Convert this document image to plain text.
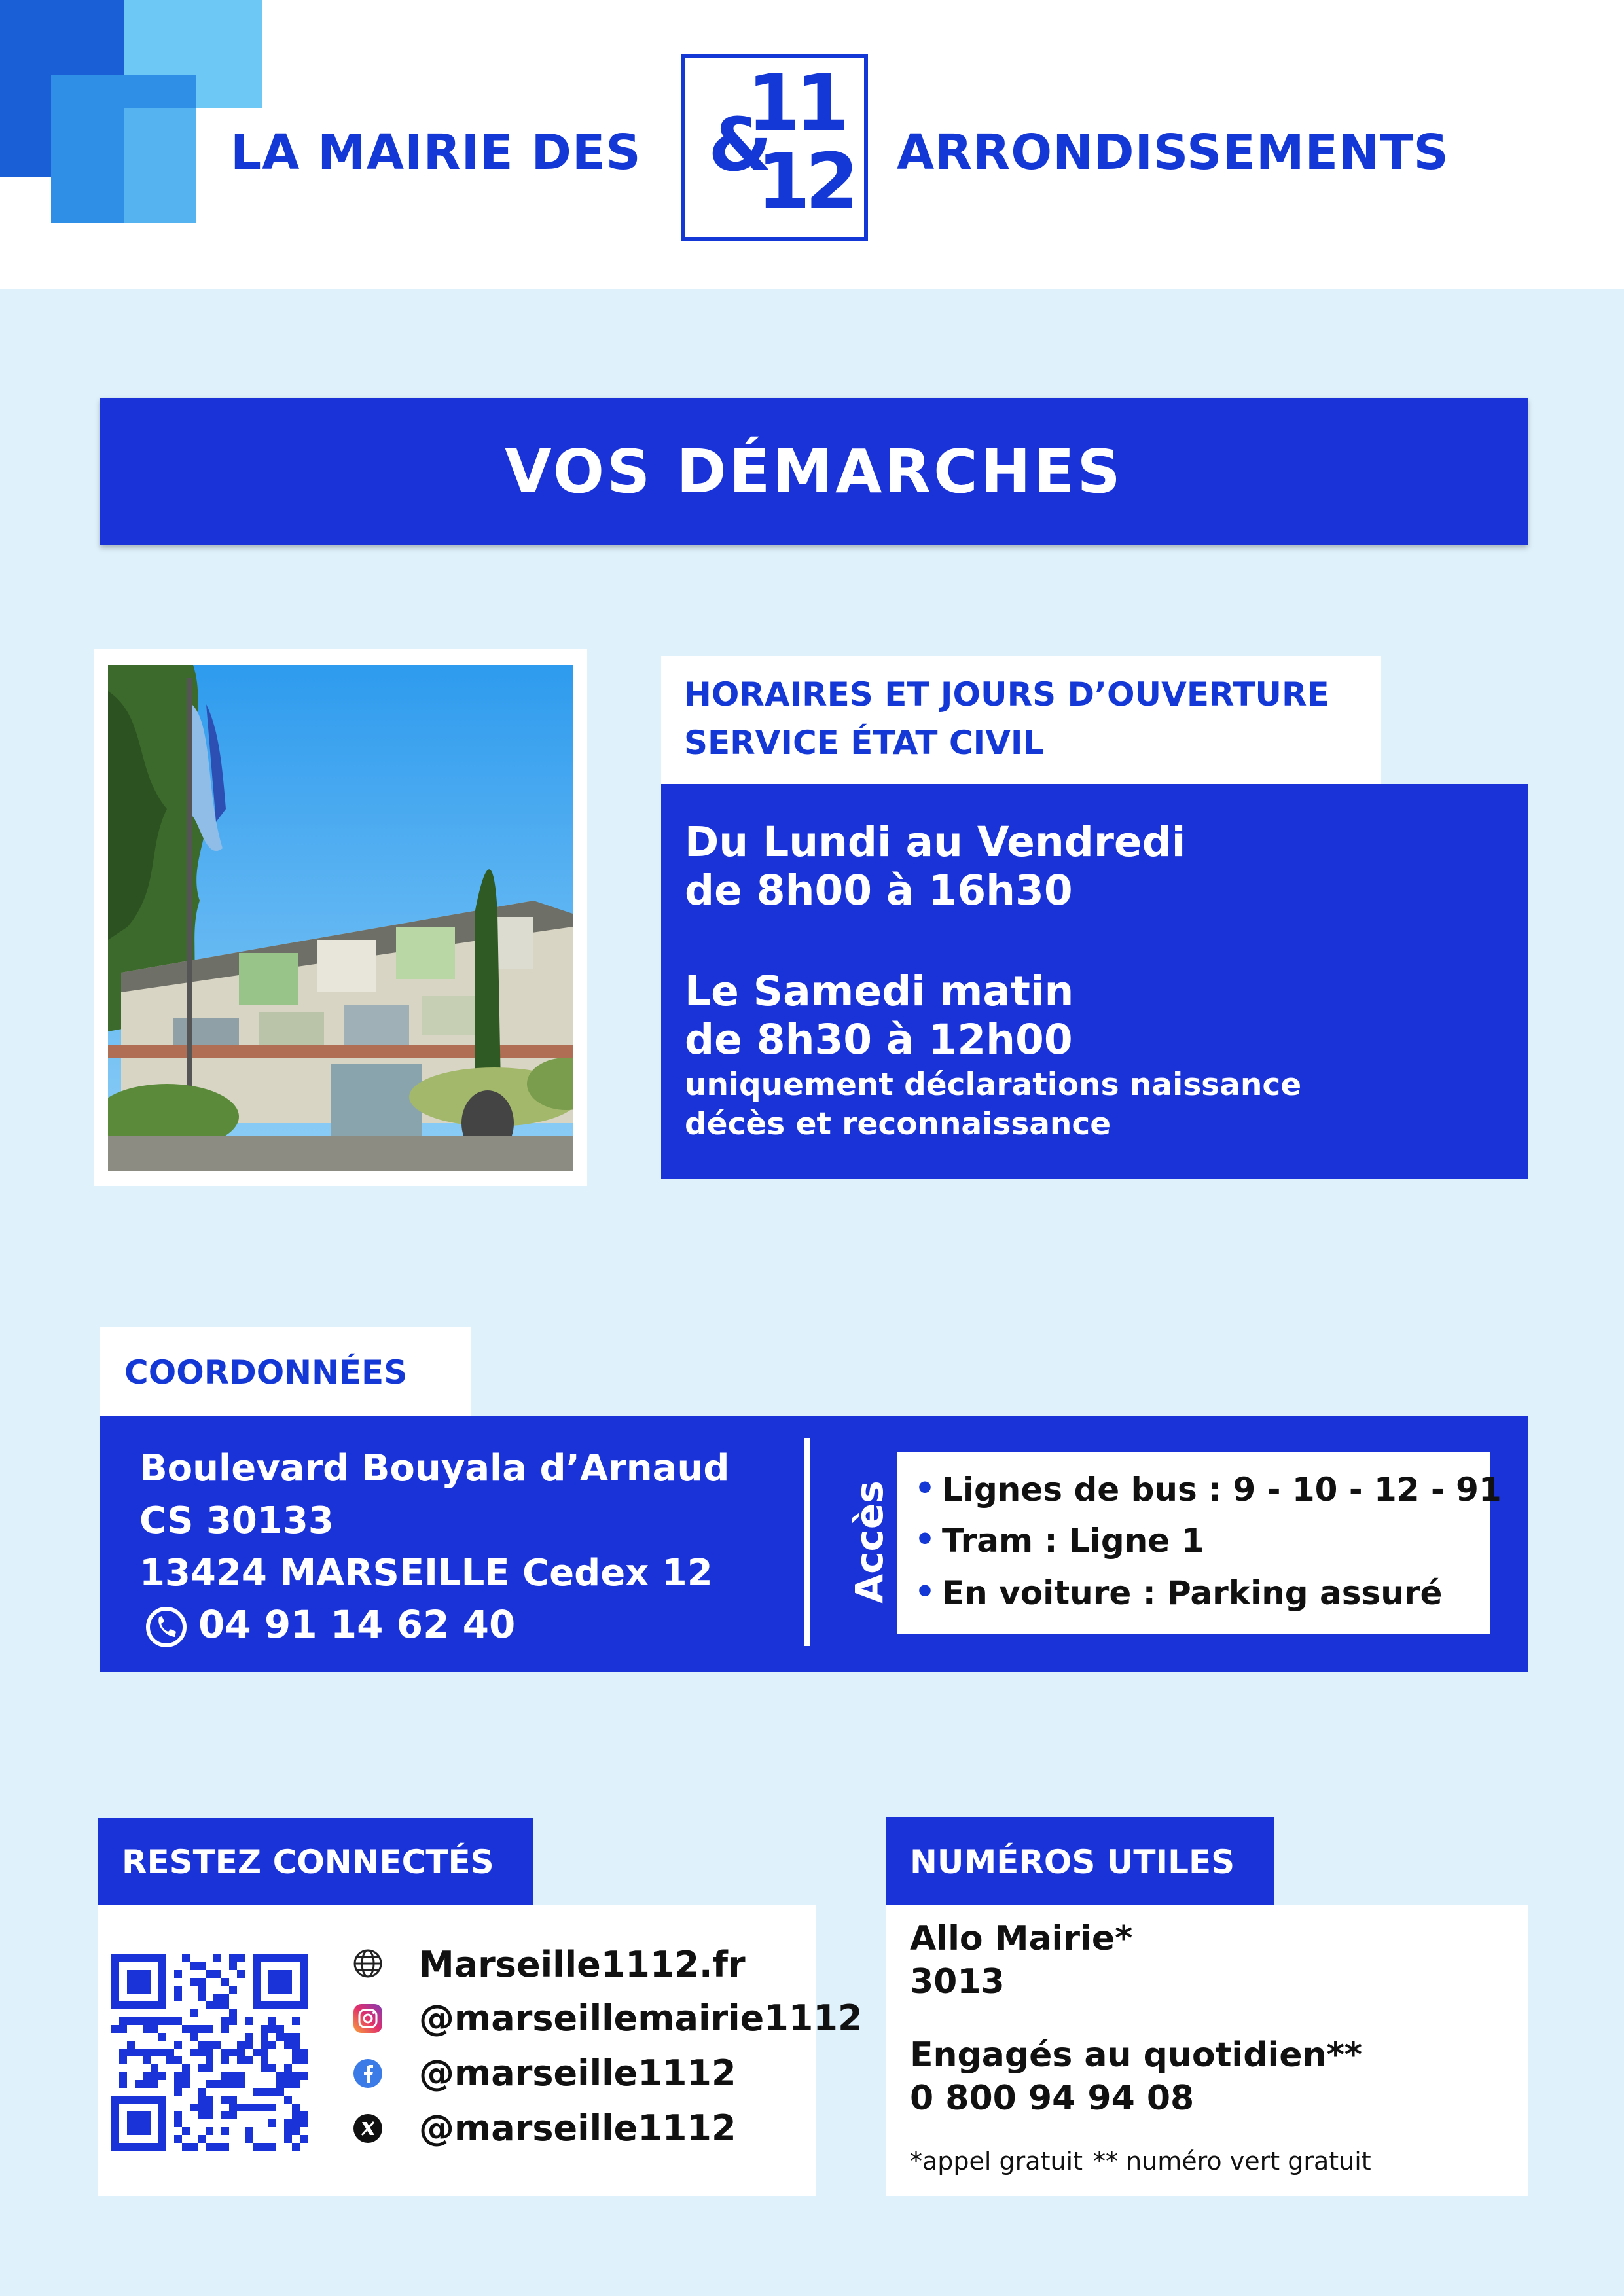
LA MAIRIE DES
11
&
12 ARRONDISSEMENTS
VOS DÉMARCHES
HORAIRES ET JOURS D’OUVERTURE
SERVICE ÉTAT CIVIL
Du Lundi au Vendredi
de 8h00 à 16h30
Le Samedi matin
de 8h30 à 12h00
uniquement déclarations naissance
décès et reconnaissance
COORDONNÉES
Boulevard Bouyala d’Arnaud
CS 30133
13424 MARSEILLE Cedex 12
04 91 14 62 40
Accès • Lignes de bus : 9 - 10 - 12 - 91
• Tram : Ligne 1
• En voiture : Parking assuré
RESTEZ CONNECTÉS
Marseille1112.fr
@marseillemairie1112
@marseille1112
@marseille1112
NUMÉROS UTILES
Allo Mairie*
3013
Engagés au quotidien**
0 800 94 94 08
*appel gratuit ** numéro vert gratuit
